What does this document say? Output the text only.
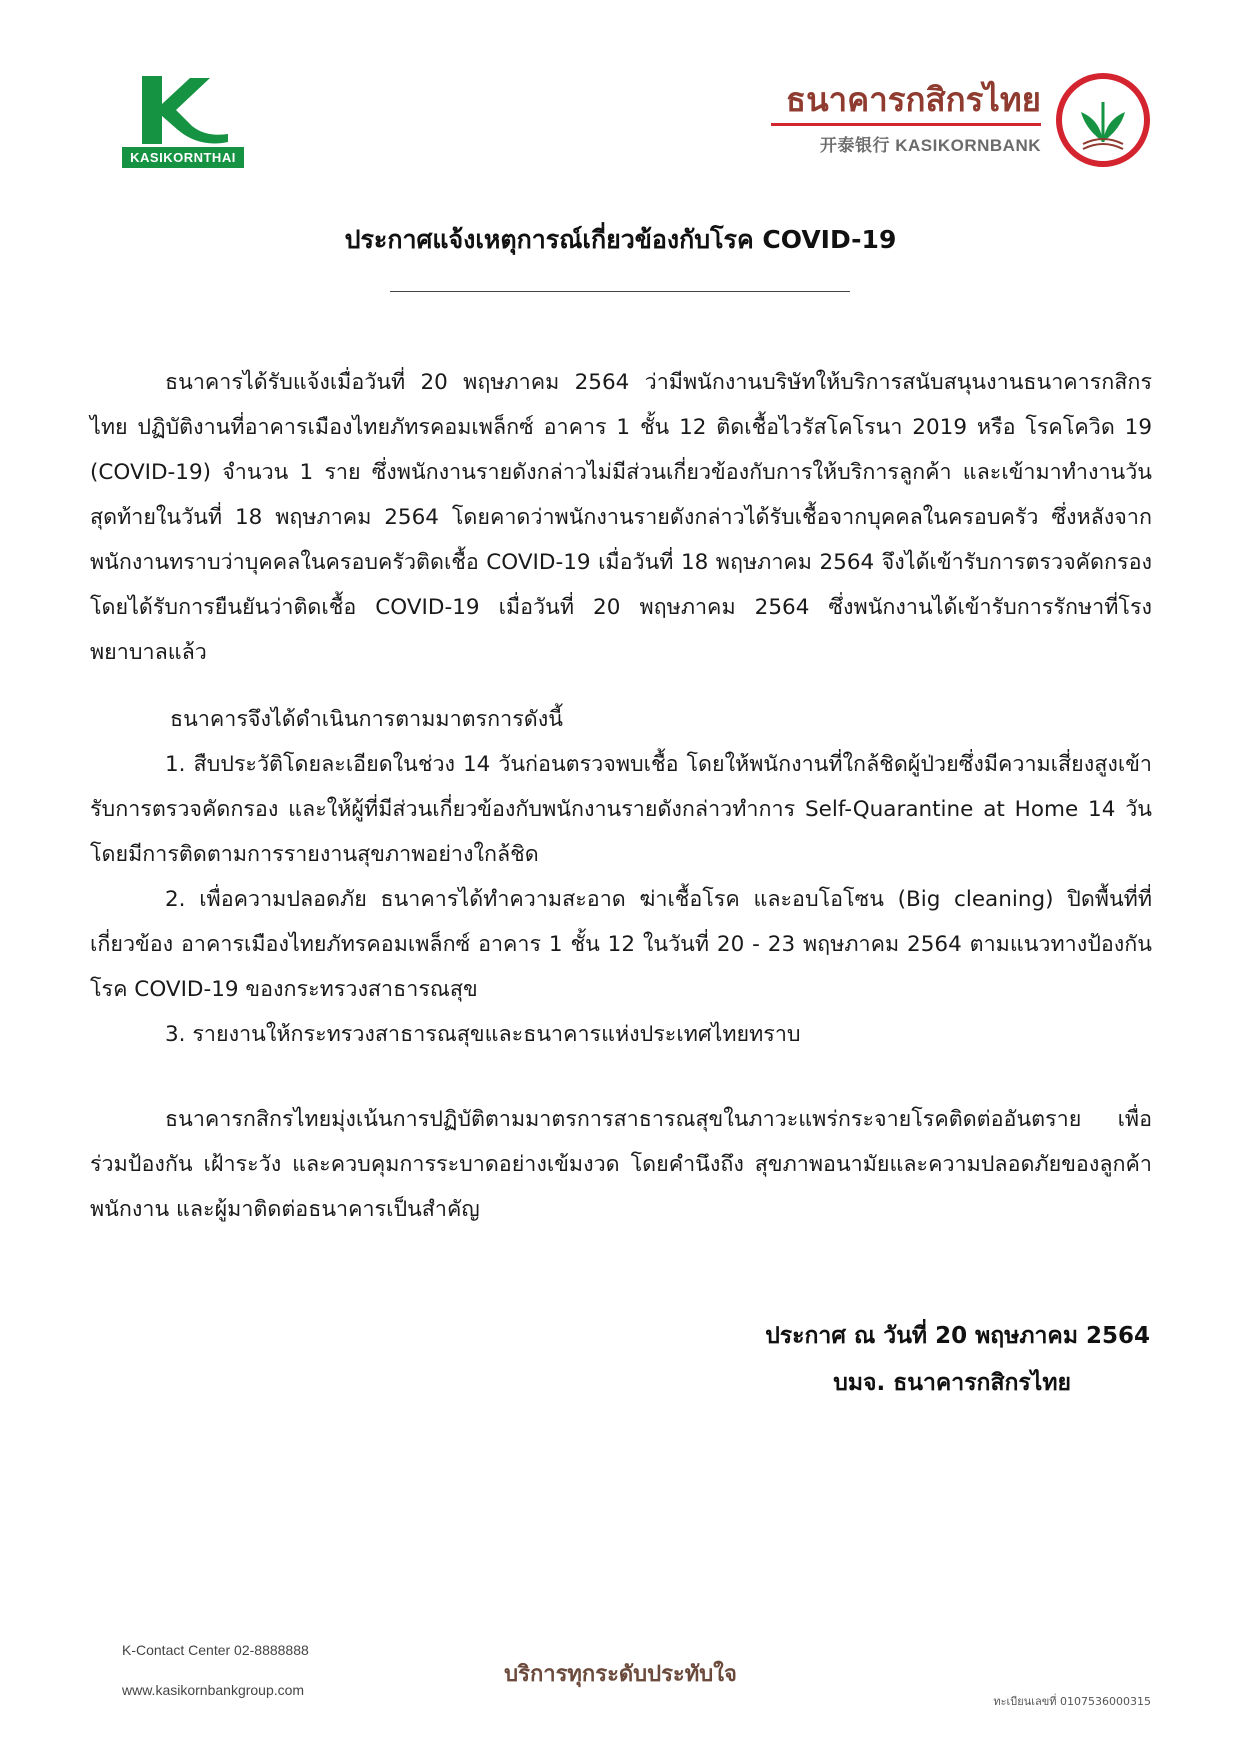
KASIKORNTHAI
ธนาคารกสิกรไทย
开泰银行 KASIKORNBANK
ประกาศแจ้งเหตุการณ์เกี่ยวข้องกับโรค COVID-19

ธนาคารได้รับแจ้งเมื่อวันที่ 20 พฤษภาคม 2564 ว่ามีพนักงานบริษัทให้บริการสนับสนุนงานธนาคารกสิกรไทย ปฏิบัติงานที่อาคารเมืองไทยภัทรคอมเพล็กซ์ อาคาร 1 ชั้น 12 ติดเชื้อไวรัสโคโรนา 2019 หรือ โรคโควิด 19 (COVID-19) จำนวน 1 ราย ซึ่งพนักงานรายดังกล่าวไม่มีส่วนเกี่ยวข้องกับการให้บริการลูกค้า และเข้ามาทำงานวันสุดท้ายในวันที่ 18 พฤษภาคม 2564 โดยคาดว่าพนักงานรายดังกล่าวได้รับเชื้อจากบุคคลในครอบครัว ซึ่งหลังจากพนักงานทราบว่าบุคคลในครอบครัวติดเชื้อ COVID-19 เมื่อวันที่ 18 พฤษภาคม 2564 จึงได้เข้ารับการตรวจคัดกรอง โดยได้รับการยืนยันว่าติดเชื้อ COVID-19 เมื่อวันที่ 20 พฤษภาคม 2564 ซึ่งพนักงานได้เข้ารับการรักษาที่โรงพยาบาลแล้ว

ธนาคารจึงได้ดำเนินการตามมาตรการดังนี้

1. สืบประวัติโดยละเอียดในช่วง 14 วันก่อนตรวจพบเชื้อ โดยให้พนักงานที่ใกล้ชิดผู้ป่วยซึ่งมีความเสี่ยงสูงเข้ารับการตรวจคัดกรอง และให้ผู้ที่มีส่วนเกี่ยวข้องกับพนักงานรายดังกล่าวทำการ Self-Quarantine at Home 14 วัน โดยมีการติดตามการรายงานสุขภาพอย่างใกล้ชิด

2. เพื่อความปลอดภัย ธนาคารได้ทำความสะอาด ฆ่าเชื้อโรค และอบโอโซน (Big cleaning) ปิดพื้นที่ที่เกี่ยวข้อง อาคารเมืองไทยภัทรคอมเพล็กซ์ อาคาร 1 ชั้น 12 ในวันที่ 20 - 23 พฤษภาคม 2564 ตามแนวทางป้องกันโรค COVID-19 ของกระทรวงสาธารณสุข

3. รายงานให้กระทรวงสาธารณสุขและธนาคารแห่งประเทศไทยทราบ

ธนาคารกสิกรไทยมุ่งเน้นการปฏิบัติตามมาตรการสาธารณสุขในภาวะแพร่กระจายโรคติดต่ออันตราย เพื่อร่วมป้องกัน เฝ้าระวัง และควบคุมการระบาดอย่างเข้มงวด โดยคำนึงถึง สุขภาพอนามัยและความปลอดภัยของลูกค้า พนักงาน และผู้มาติดต่อธนาคารเป็นสำคัญ

ประกาศ ณ วันที่ 20 พฤษภาคม 2564
บมจ. ธนาคารกสิกรไทย
K-Contact Center 02-8888888
www.kasikornbankgroup.com
บริการทุกระดับประทับใจ
ทะเบียนเลขที่ 0107536000315
